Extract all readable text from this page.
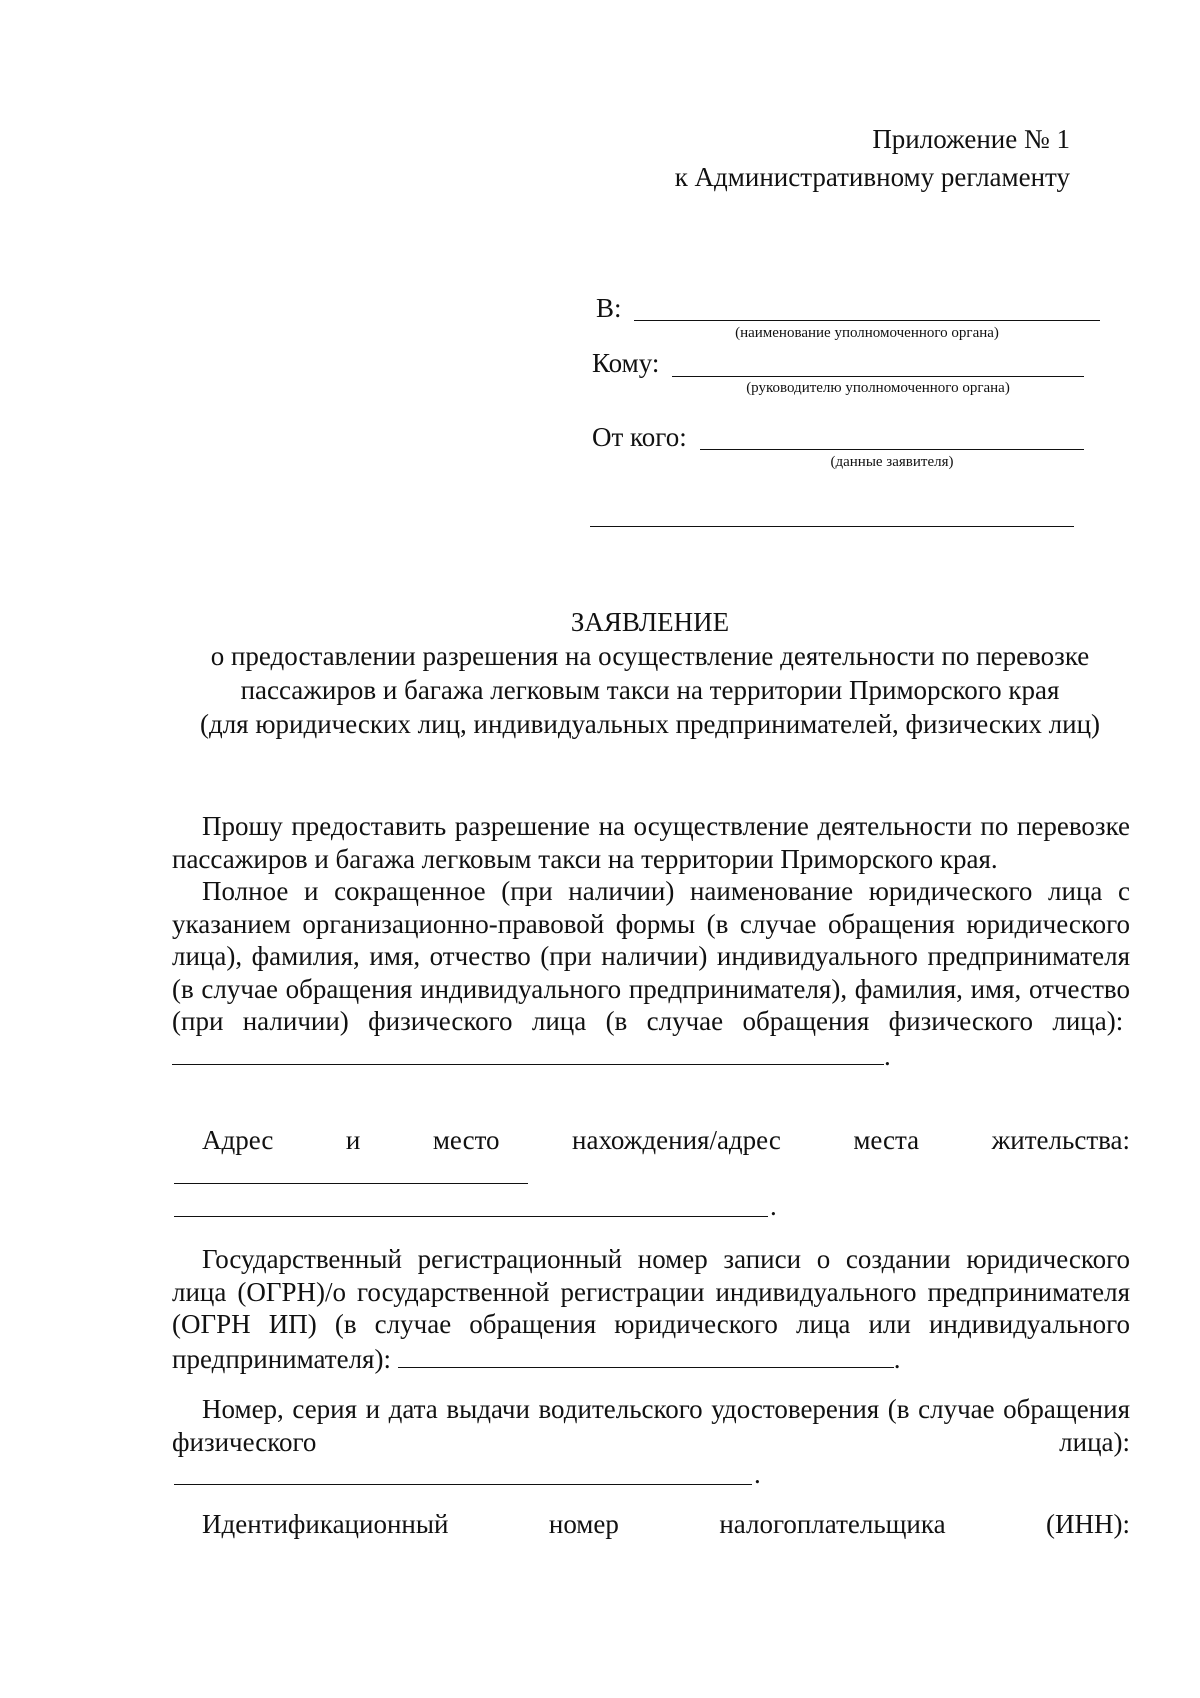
Приложение № 1
к Административному регламенту
В:
(наименование уполномоченного органа)
Кому:
(руководителю уполномоченного органа)
От кого:
(данные заявителя)
ЗАЯВЛЕНИЕ
о предоставлении разрешения на осуществление деятельности по перевозке
пассажиров и багажа легковым такси на территории Приморского края
(для юридических лиц, индивидуальных предпринимателей, физических лиц)

Прошу предоставить разрешение на осуществление деятельности по перевозке пассажиров и багажа легковым такси на территории Приморского края.

Полное и сокращенное (при наличии) наименование юридического лица с указанием организационно-правовой формы (в случае обращения юридического лица), фамилия, имя, отчество (при наличии) индивидуального предпринимателя (в случае обращения индивидуального предпринимателя), фамилия, имя, отчество (при наличии) физического лица (в случае обращения физического лица): .

Адрес	и	место	нахождения/адрес	места	жительства:
.

Государственный регистрационный номер записи о создании юридического лица (ОГРН)/о государственной регистрации индивидуального предпринимателя (ОГРН ИП) (в случае обращения юридического лица или индивидуального предпринимателя):	.

Номер, серия и дата выдачи водительского удостоверения (в случае обращения физического лица):

.
Идентификационный	номер	налогоплательщика	(ИНН):
